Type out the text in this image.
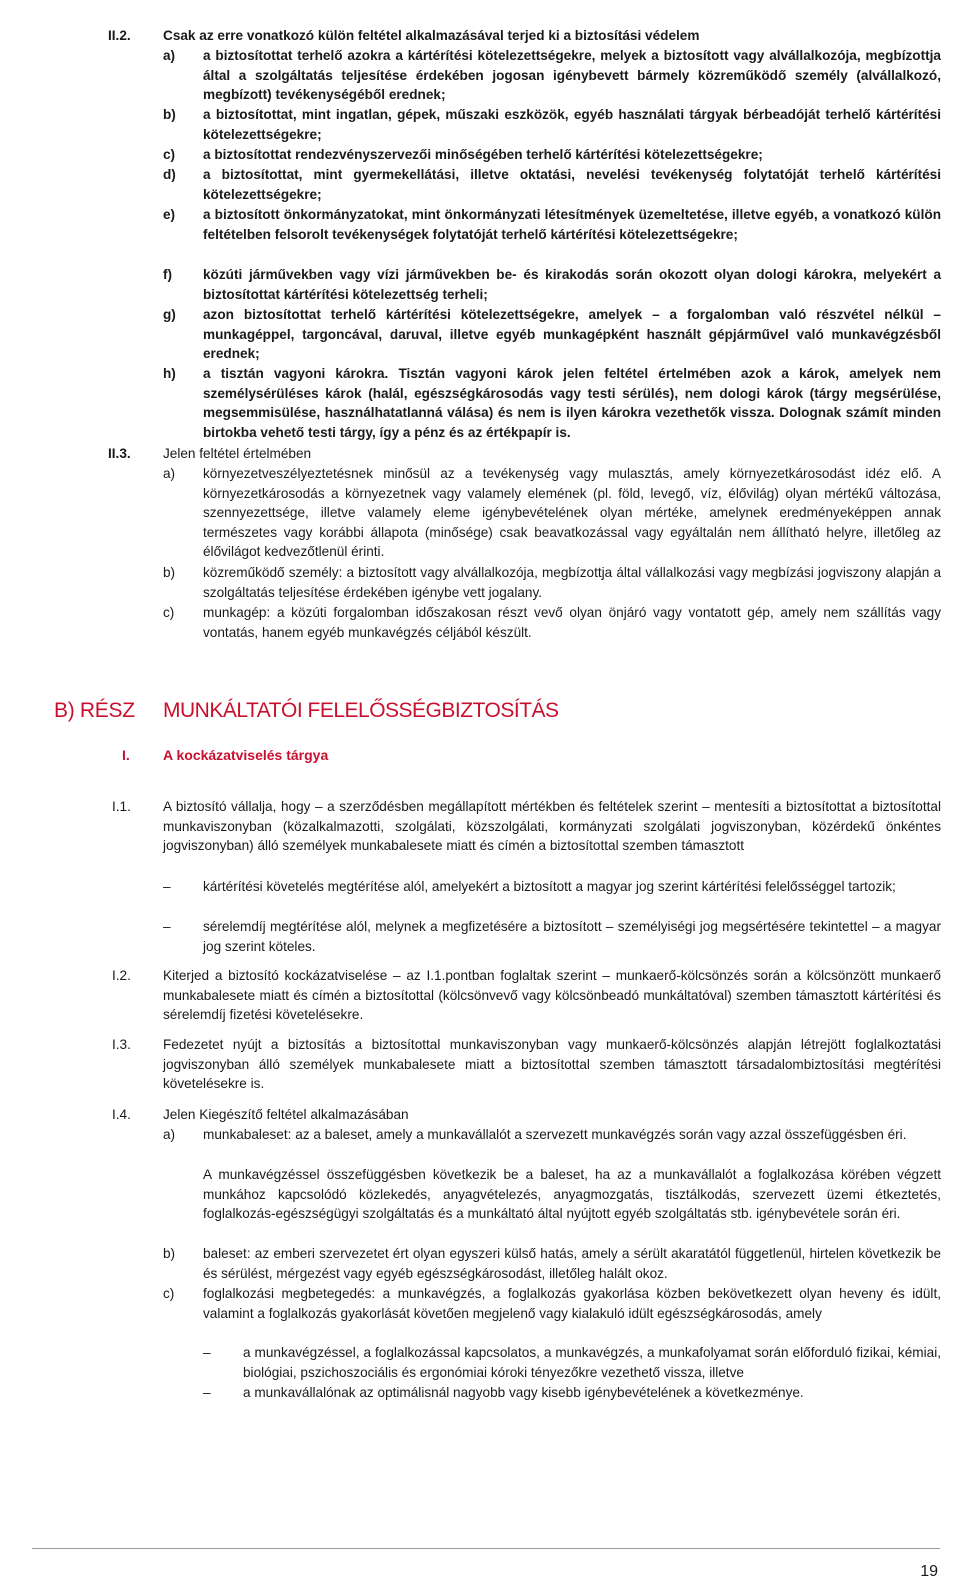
II.2. Csak az erre vonatkozó külön feltétel alkalmazásával terjed ki a biztosítási védelem
a) a biztosítottat terhelő azokra a kártérítési kötelezettségekre, melyek a biztosított vagy alvállalkozója, megbízottja által a szolgáltatás teljesítése érdekében jogosan igénybevett bármely közreműködő személy (alvállalkozó, megbízott) tevékenységéből erednek;
b) a biztosítottat, mint ingatlan, gépek, műszaki eszközök, egyéb használati tárgyak bérbeadóját terhelő kártérítési kötelezettségekre;
c) a biztosítottat rendezvényszervezői minőségében terhelő kártérítési kötelezettségekre;
d) a biztosítottat, mint gyermekellátási, illetve oktatási, nevelési tevékenység folytatóját terhelő kártérítési kötelezettségekre;
e) a biztosított önkormányzatokat, mint önkormányzati létesítmények üzemeltetése, illetve egyéb, a vonatkozó külön feltételben felsorolt tevékenységek folytatóját terhelő kártérítési kötelezettségekre;
f) közúti járművekben vagy vízi járművekben be- és kirakodás során okozott olyan dologi károkra, melyekért a biztosítottat kártérítési kötelezettség terheli;
g) azon biztosítottat terhelő kártérítési kötelezettségekre, amelyek – a forgalomban való részvétel nélkül – munkagéppel, targoncával, daruval, illetve egyéb munkagépként használt gépjárművel való munkavégzésből erednek;
h) a tisztán vagyoni károkra. Tisztán vagyoni károk jelen feltétel értelmében azok a károk, amelyek nem személysérüléses károk (halál, egészségkárosodás vagy testi sérülés), nem dologi károk (tárgy megsérülése, megsemmisülése, használhatatlanná válása) és nem is ilyen károkra vezethetők vissza. Dolognak számít minden birtokba vehető testi tárgy, így a pénz és az értékpapír is.
II.3. Jelen feltétel értelmében
a) környezetveszélyeztetésnek minősül az a tevékenység vagy mulasztás, amely környezetkárosodást idéz elő. A környezetkárosodás a környezetnek vagy valamely elemének (pl. föld, levegő, víz, élővilág) olyan mértékű változása, szennyezettsége, illetve valamely eleme igénybevételének olyan mértéke, amelynek eredményeképpen annak természetes vagy korábbi állapota (minősége) csak beavatkozással vagy egyáltalán nem állítható helyre, illetőleg az élővilágot kedvezőtlenül érinti.
b) közreműködő személy: a biztosított vagy alvállalkozója, megbízottja által vállalkozási vagy megbízási jogviszony alapján a szolgáltatás teljesítése érdekében igénybe vett jogalany.
c) munkagép: a közúti forgalomban időszakosan részt vevő olyan önjáró vagy vontatott gép, amely nem szállítás vagy vontatás, hanem egyéb munkavégzés céljából készült.
B) RÉSZ MUNKÁLTATÓI FELELŐSSÉGBIZTOSÍTÁS
I. A kockázatviselés tárgya
I.1. A biztosító vállalja, hogy – a szerződésben megállapított mértékben és feltételek szerint – mentesíti a biztosítottat a biztosítottal munkaviszonyban (közalkalmazotti, szolgálati, közszolgálati, kormányzati szolgálati jogviszonyban, közérdekű önkéntes jogviszonyban) álló személyek munkabalesete miatt és címén a biztosítottal szemben támasztott
– kártérítési követelés megtérítése alól, amelyekért a biztosított a magyar jog szerint kártérítési felelősséggel tartozik;
– sérelemdíj megtérítése alól, melynek a megfizetésére a biztosított – személyiségi jog megsértésére tekintettel – a magyar jog szerint köteles.
I.2. Kiterjed a biztosító kockázatviselése – az I.1.pontban foglaltak szerint – munkaerő-kölcsönzés során a kölcsönzött munkaerő munkabalesete miatt és címén a biztosítottal (kölcsönvevő vagy kölcsönbeadó munkáltatóval) szemben támasztott kártérítési és sérelemdíj fizetési követelésekre.
I.3. Fedezetet nyújt a biztosítás a biztosítottal munkaviszonyban vagy munkaerő-kölcsönzés alapján létrejött foglalkoztatási jogviszonyban álló személyek munkabalesete miatt a biztosítottal szemben támasztott társadalombiztosítási megtérítési követelésekre is.
I.4. Jelen Kiegészítő feltétel alkalmazásában
a) munkabaleset: az a baleset, amely a munkavállalót a szervezett munkavégzés során vagy azzal összefüggésben éri.
A munkavégzéssel összefüggésben következik be a baleset, ha az a munkavállalót a foglalkozása körében végzett munkához kapcsolódó közlekedés, anyagvételezés, anyagmozgatás, tisztálkodás, szervezett üzemi étkeztetés, foglalkozás-egészségügyi szolgáltatás és a munkáltató által nyújtott egyéb szolgáltatás stb. igénybevétele során éri.
b) baleset: az emberi szervezetet ért olyan egyszeri külső hatás, amely a sérült akaratától függetlenül, hirtelen következik be és sérülést, mérgezést vagy egyéb egészségkárosodást, illetőleg halált okoz.
c) foglalkozási megbetegedés: a munkavégzés, a foglalkozás gyakorlása közben bekövetkezett olyan heveny és idült, valamint a foglalkozás gyakorlását követően megjelenő vagy kialakuló idült egészségkárosodás, amely
– a munkavégzéssel, a foglalkozással kapcsolatos, a munkavégzés, a munkafolyamat során előforduló fizikai, kémiai, biológiai, pszichoszociális és ergonómiai kóroki tényezőkre vezethető vissza, illetve
– a munkavállalónak az optimálisnál nagyobb vagy kisebb igénybevételének a következménye.
19
